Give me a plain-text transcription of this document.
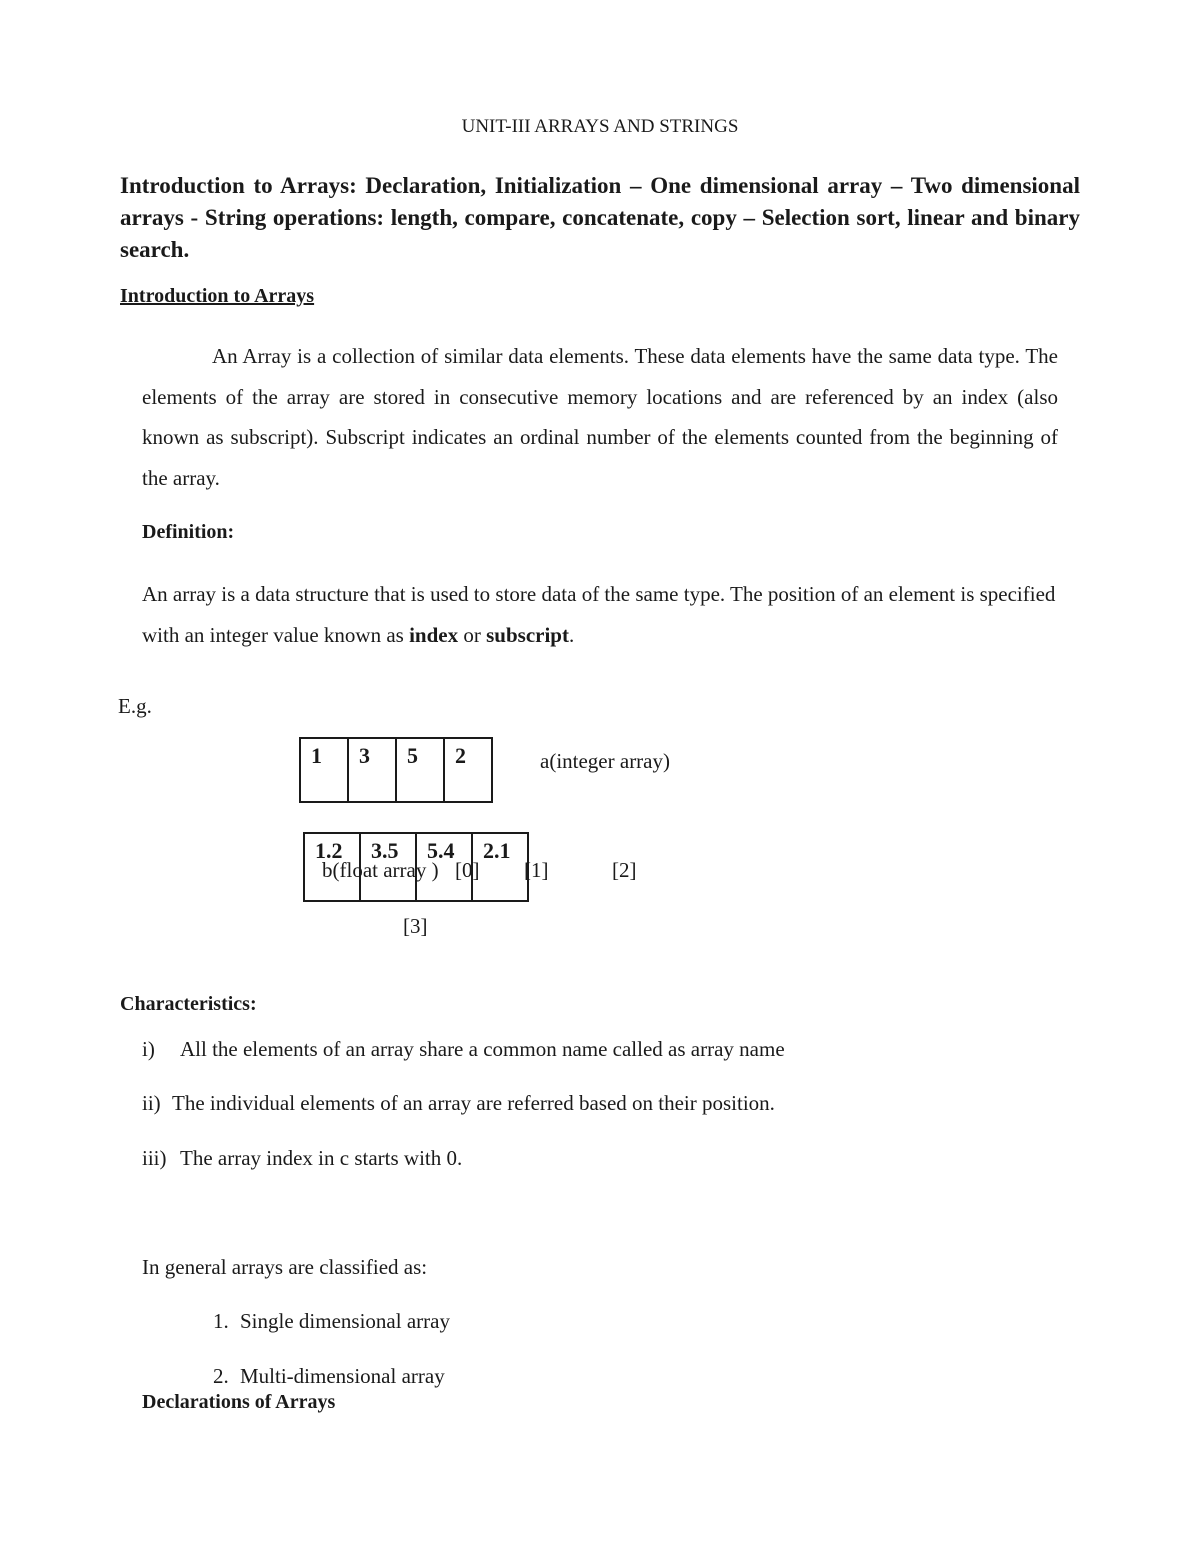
UNIT-III ARRAYS AND STRINGS
Introduction to Arrays: Declaration, Initialization – One dimensional array – Two dimensional arrays - String operations: length, compare, concatenate, copy – Selection sort, linear and binary search.
Introduction to Arrays
An Array is a collection of similar data elements. These data elements have the same data type. The elements of the array are stored in consecutive memory locations and are referenced by an index (also known as subscript). Subscript indicates an ordinal number of the elements counted from the beginning of the array.
Definition:
An array is a data structure that is used to store data of the same type. The position of an element is specified with an integer value known as index or subscript.
E.g.
1	3	5	2	a(integer array)
1.2	3.5	5.4	2.1
b(float array ) [0] [1]	[2]
[3]
Characteristics:
i) All the elements of an array share a common name called as array name
ii) The individual elements of an array are referred based on their position.
iii) The array index in c starts with 0.
In general arrays are classified as:
1. Single dimensional array
2. Multi-dimensional array
Declarations of Arrays
